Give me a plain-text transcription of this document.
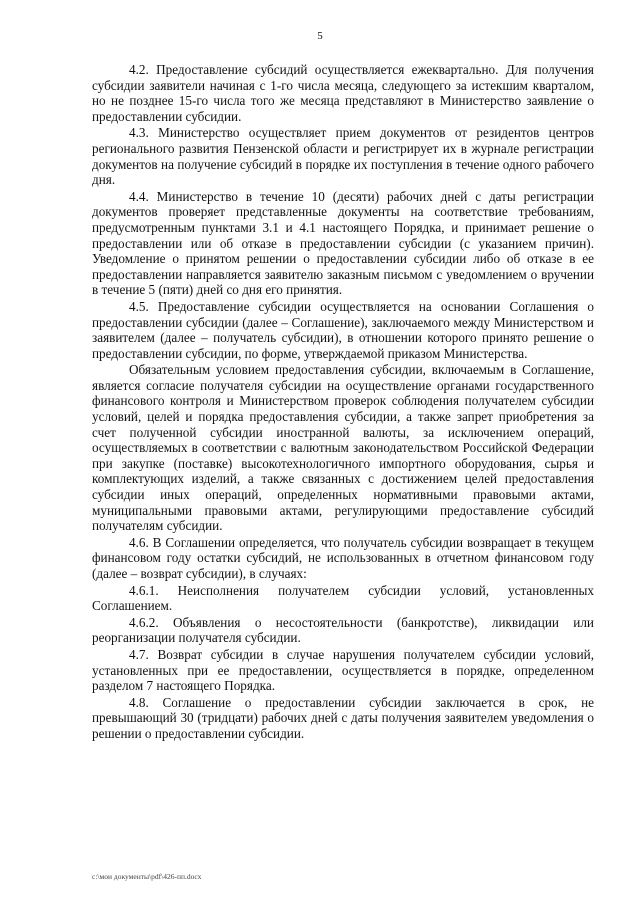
5

4.2. Предоставление субсидий осуществляется ежеквартально. Для получения субсидии заявители начиная с 1-го числа месяца, следующего за истекшим кварталом, но не позднее 15-го числа того же месяца представляют в Министерство заявление о предоставлении субсидии.

4.3. Министерство осуществляет прием документов от резидентов центров регионального развития Пензенской области и регистрирует их в журнале регистрации документов на получение субсидий в порядке их поступления в течение одного рабочего дня.

4.4. Министерство в течение 10 (десяти) рабочих дней с даты регистрации документов проверяет представленные документы на соответствие требованиям, предусмотренным пунктами 3.1 и 4.1 настоящего Порядка, и принимает решение о предоставлении или об отказе в предоставлении субсидии (с указанием причин). Уведомление о принятом решении о предоставлении субсидии либо об отказе в ее предоставлении направляется заявителю заказным письмом с уведомлением о вручении в течение 5 (пяти) дней со дня его принятия.

4.5. Предоставление субсидии осуществляется на основании Соглашения о предоставлении субсидии (далее – Соглашение), заключаемого между Министерством и заявителем (далее – получатель субсидии), в отношении которого принято решение о предоставлении субсидии, по форме, утверждаемой приказом Министерства.

Обязательным условием предоставления субсидии, включаемым в Соглашение, является согласие получателя субсидии на осуществление органами государственного финансового контроля и Министерством проверок соблюдения получателем субсидии условий, целей и порядка предоставления субсидии, а также запрет приобретения за счет полученной субсидии иностранной валюты, за исключением операций, осуществляемых в соответствии с валютным законодательством Российской Федерации при закупке (поставке) высокотехнологичного импортного оборудования, сырья и комплектующих изделий, а также связанных с достижением целей предоставления субсидии иных операций, определенных нормативными правовыми актами, муниципальными правовыми актами, регулирующими предоставление субсидий получателям субсидии.

4.6. В Соглашении определяется, что получатель субсидии возвращает в текущем финансовом году остатки субсидий, не использованных в отчетном финансовом году (далее – возврат субсидии), в случаях:

4.6.1. Неисполнения получателем субсидии условий, установленных Соглашением.

4.6.2. Объявления о несостоятельности (банкротстве), ликвидации или реорганизации получателя субсидии.

4.7. Возврат субсидии в случае нарушения получателем субсидии условий, установленных при ее предоставлении, осуществляется в порядке, определенном разделом 7 настоящего Порядка.

4.8. Соглашение о предоставлении субсидии заключается в срок, не превышающий 30 (тридцати) рабочих дней с даты получения заявителем уведомления о решении о предоставлении субсидии.

c:\мои документы\pdf\426-пп.docx
